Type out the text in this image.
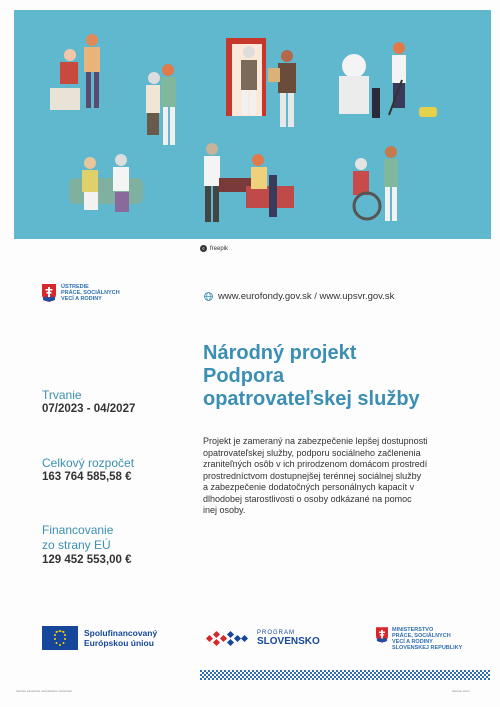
© freepik
ÚSTREDIE
PRÁCE, SOCIÁLNYCH
VECÍ A RODINY	www.eurofondy.gov.sk / www.upsvr.gov.sk
Národný projekt
Podpora
opatrovateľskej služby
Trvanie
07/2023 - 04/2027
Celkový rozpočet
163 764 585,58 €
Financovanie
zo strany EÚ
129 452 553,00 €
Projekt je zameraný na zabezpečenie lepšej dostupnosti opatrovateľskej služby, podporu sociálneho začlenenia zraniteľných osôb v ich prirodzenom domácom prostredí prostredníctvom dostupnejšej terénnej sociálnej služby a zabezpečenie dodatočných personálnych kapacít v dlhodobej starostlivosti o osoby odkázané na pomoc inej osoby.
Spolufinancovaný
Európskou úniou
PROGRAM
SLOVENSKO
MINISTERSTVO
PRÁCE, SOCIÁLNYCH
VECÍ A RODINY
SLOVENSKEJ REPUBLIKY
▭▭▭ ▭▭▭▭ ▭▭▭▭▭ ▭▭▭▭	▭▭▭ ▭▭
